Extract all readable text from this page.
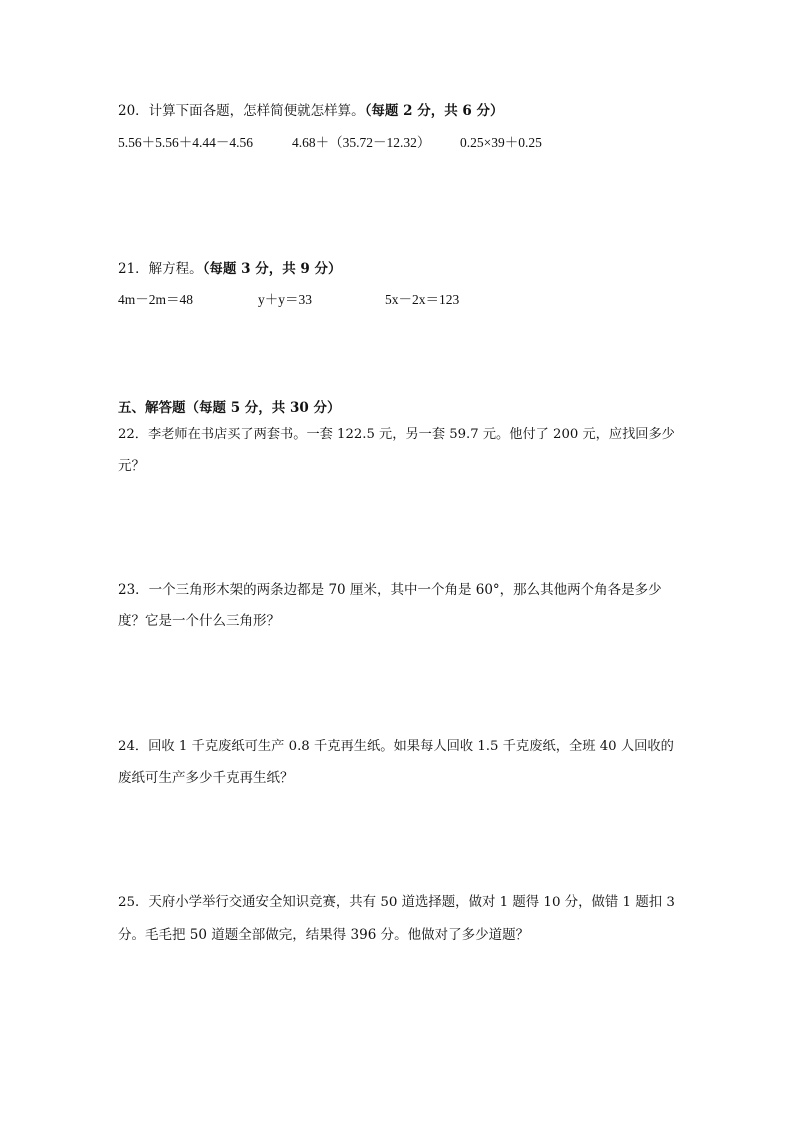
20．计算下面各题，怎样简便就怎样算。（每题 2 分，共 6 分）
5.56＋5.56＋4.44－4.56	4.68＋（35.72－12.32） 0.25×39＋0.25
21．解方程。（每题 3 分，共 9 分）
4m－2m＝48	y＋y＝33	5x－2x＝123
五、解答题（每题 5 分，共 30 分）
22．李老师在书店买了两套书。一套 122.5 元，另一套 59.7 元。他付了 200 元，应找回多少
元？
23．一个三角形木架的两条边都是 70 厘米，其中一个角是 60°，那么其他两个角各是多少
度？它是一个什么三角形？
24．回收 1 千克废纸可生产 0.8 千克再生纸。如果每人回收 1.5 千克废纸，全班 40 人回收的
废纸可生产多少千克再生纸？
25．天府小学举行交通安全知识竞赛，共有 50 道选择题，做对 1 题得 10 分，做错 1 题扣 3
分。毛毛把 50 道题全部做完，结果得 396 分。他做对了多少道题？
